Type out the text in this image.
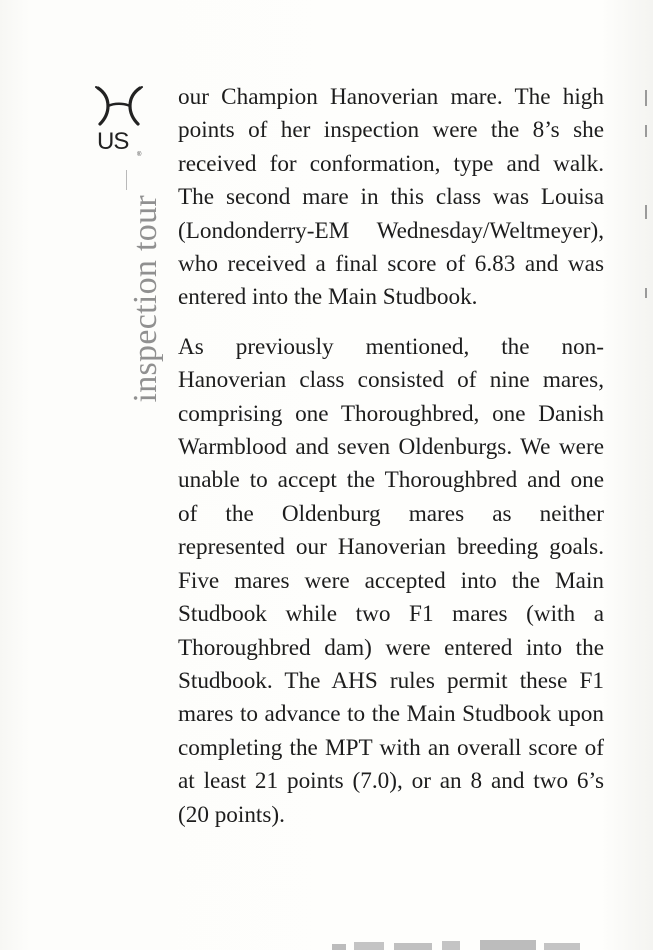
US ®
inspection tour

our Champion Hanoverian mare. The high points of her inspection were the 8’s she received for conformation, type and walk. The second mare in this class was Louisa (Londonderry-EM Wednesday/Weltmeyer), who received a final score of 6.83 and was entered into the Main Studbook.

As previously mentioned, the non-Hanoverian class consisted of nine mares, comprising one Thoroughbred, one Danish Warmblood and seven Oldenburgs. We were unable to accept the Thoroughbred and one of the Oldenburg mares as neither represented our Hanoverian breeding goals. Five mares were accepted into the Main Studbook while two F1 mares (with a Thoroughbred dam) were entered into the Studbook. The AHS rules permit these F1 mares to advance to the Main Studbook upon completing the MPT with an overall score of at least 21 points (7.0), or an 8 and two 6’s (20 points).
